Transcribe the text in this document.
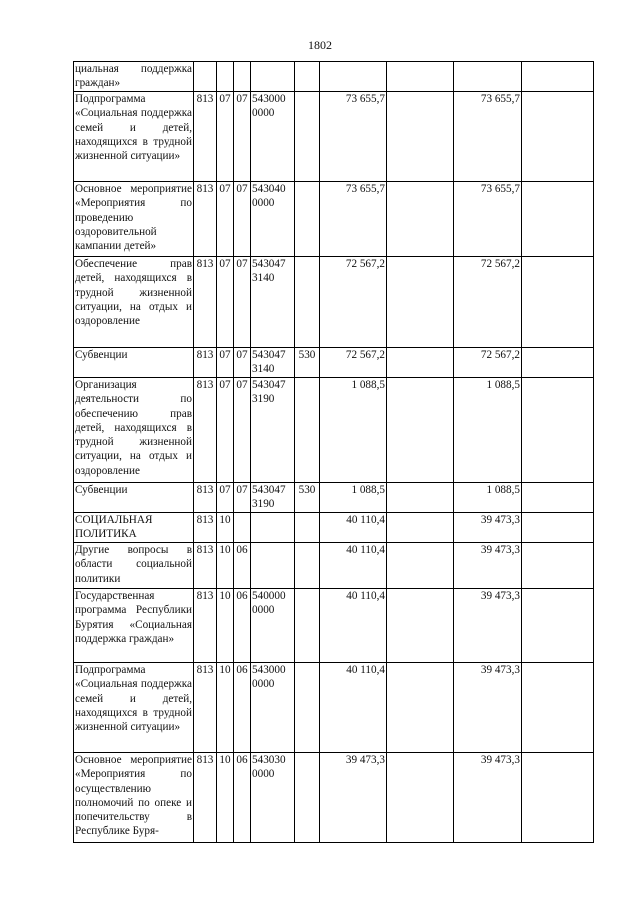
1802
циальная поддержка граждан»									
Подпрограмма «Социальная поддержка семей и детей, находящихся в трудной жизненной ситуации»	813	07	07	543000 0000		73 655,7		73 655,7	
Основное мероприятие «Мероприятия по проведению оздоровительной кампании детей»	813	07	07	543040 0000		73 655,7		73 655,7	
Обеспечение прав детей, находящихся в трудной жизненной ситуации, на отдых и оздоровление	813	07	07	543047 3140		72 567,2		72 567,2	
Субвенции	813	07	07	543047 3140	530	72 567,2		72 567,2	
Организация деятельности по обеспечению прав детей, находящихся в трудной жизненной ситуации, на отдых и оздоровление	813	07	07	543047 3190		1 088,5		1 088,5	
Субвенции	813	07	07	543047 3190	530	1 088,5		1 088,5	
СОЦИАЛЬНАЯ ПОЛИТИКА	813	10				40 110,4		39 473,3	
Другие вопросы в области социальной политики	813	10	06			40 110,4		39 473,3	
Государственная программа Республики Бурятия «Социальная поддержка граждан»	813	10	06	540000 0000		40 110,4		39 473,3	
Подпрограмма «Социальная поддержка семей и детей, находящихся в трудной жизненной ситуации»	813	10	06	543000 0000		40 110,4		39 473,3	
Основное мероприятие «Мероприятия по осуществлению полномочий по опеке и попечительству в Республике Буря-	813	10	06	543030 0000		39 473,3		39 473,3	
